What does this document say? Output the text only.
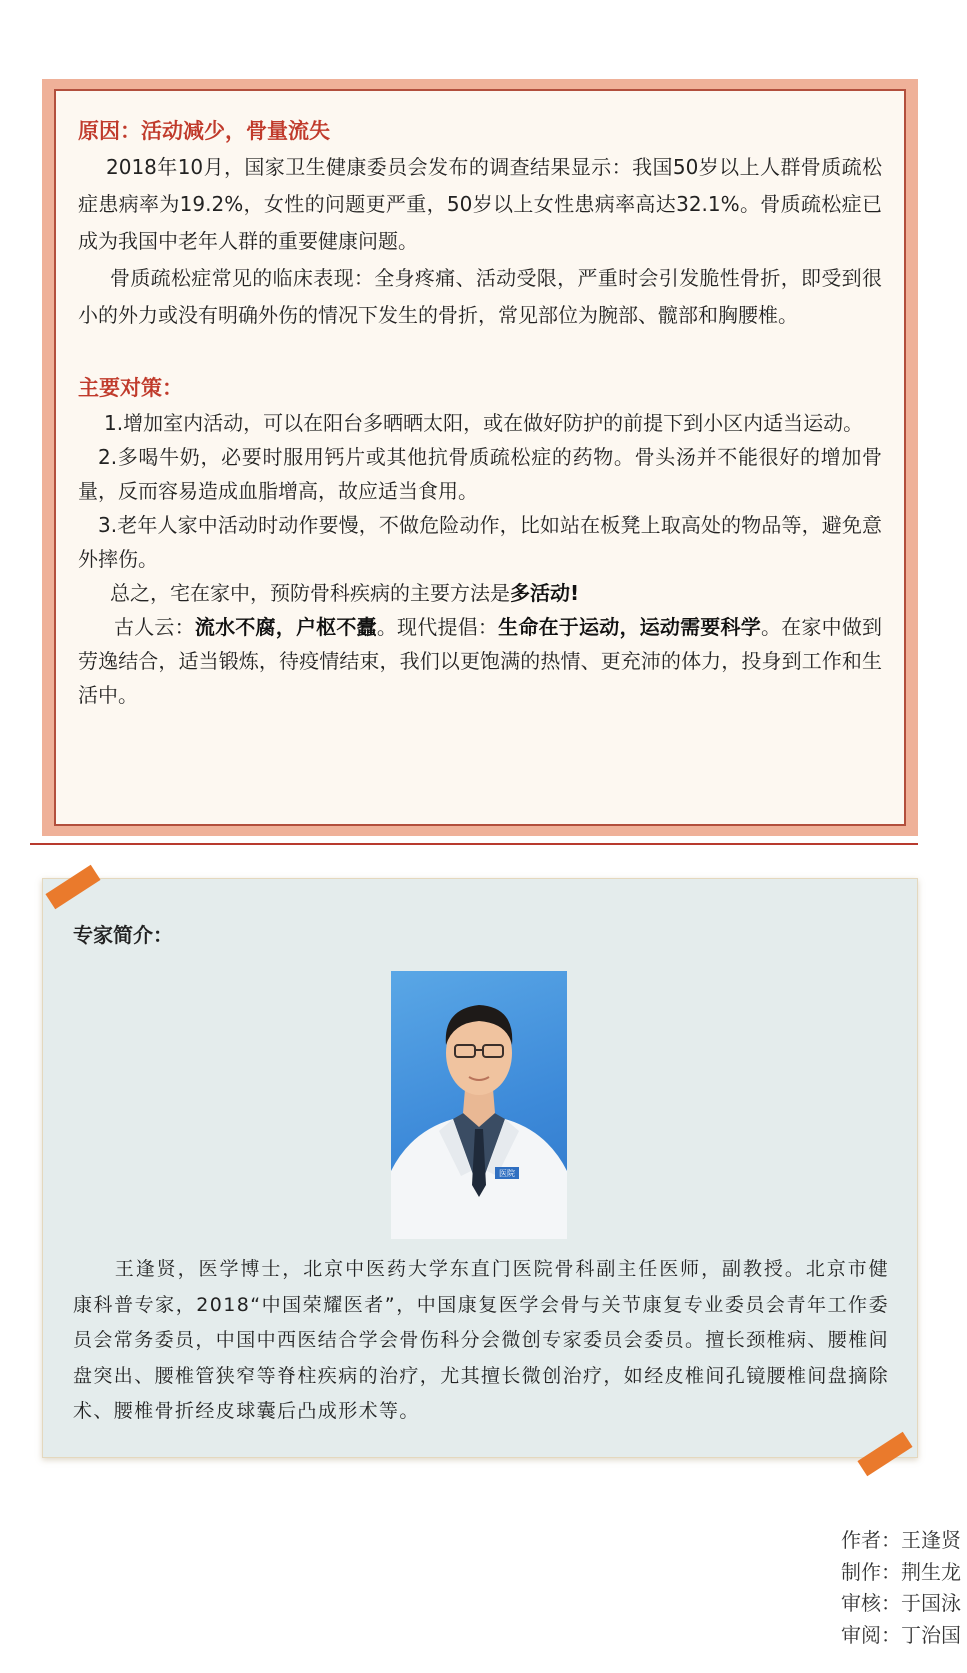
原因：活动减少，骨量流失

2018年10月，国家卫生健康委员会发布的调查结果显示：我国50岁以上人群骨质疏松症患病率为19.2%，女性的问题更严重，50岁以上女性患病率高达32.1%。骨质疏松症已成为我国中老年人群的重要健康问题。

骨质疏松症常见的临床表现：全身疼痛、活动受限，严重时会引发脆性骨折，即受到很小的外力或没有明确外伤的情况下发生的骨折，常见部位为腕部、髋部和胸腰椎。

主要对策：

1.增加室内活动，可以在阳台多晒晒太阳，或在做好防护的前提下到小区内适当运动。

2.多喝牛奶，必要时服用钙片或其他抗骨质疏松症的药物。骨头汤并不能很好的增加骨量，反而容易造成血脂增高，故应适当食用。

3.老年人家中活动时动作要慢，不做危险动作，比如站在板凳上取高处的物品等，避免意外摔伤。

总之，宅在家中，预防骨科疾病的主要方法是多活动!

古人云：流水不腐，户枢不蠹。现代提倡：生命在于运动，运动需要科学。在家中做到劳逸结合，适当锻炼，待疫情结束，我们以更饱满的热情、更充沛的体力，投身到工作和生活中。

专家简介：
医院

王逢贤，医学博士，北京中医药大学东直门医院骨科副主任医师，副教授。北京市健康科普专家，2018“中国荣耀医者”，中国康复医学会骨与关节康复专业委员会青年工作委员会常务委员，中国中西医结合学会骨伤科分会微创专家委员会委员。擅长颈椎病、腰椎间盘突出、腰椎管狭窄等脊柱疾病的治疗，尤其擅长微创治疗，如经皮椎间孔镜腰椎间盘摘除术、腰椎骨折经皮球囊后凸成形术等。

作者：王逢贤
制作：荆生龙
审核：于国泳
审阅：丁治国
